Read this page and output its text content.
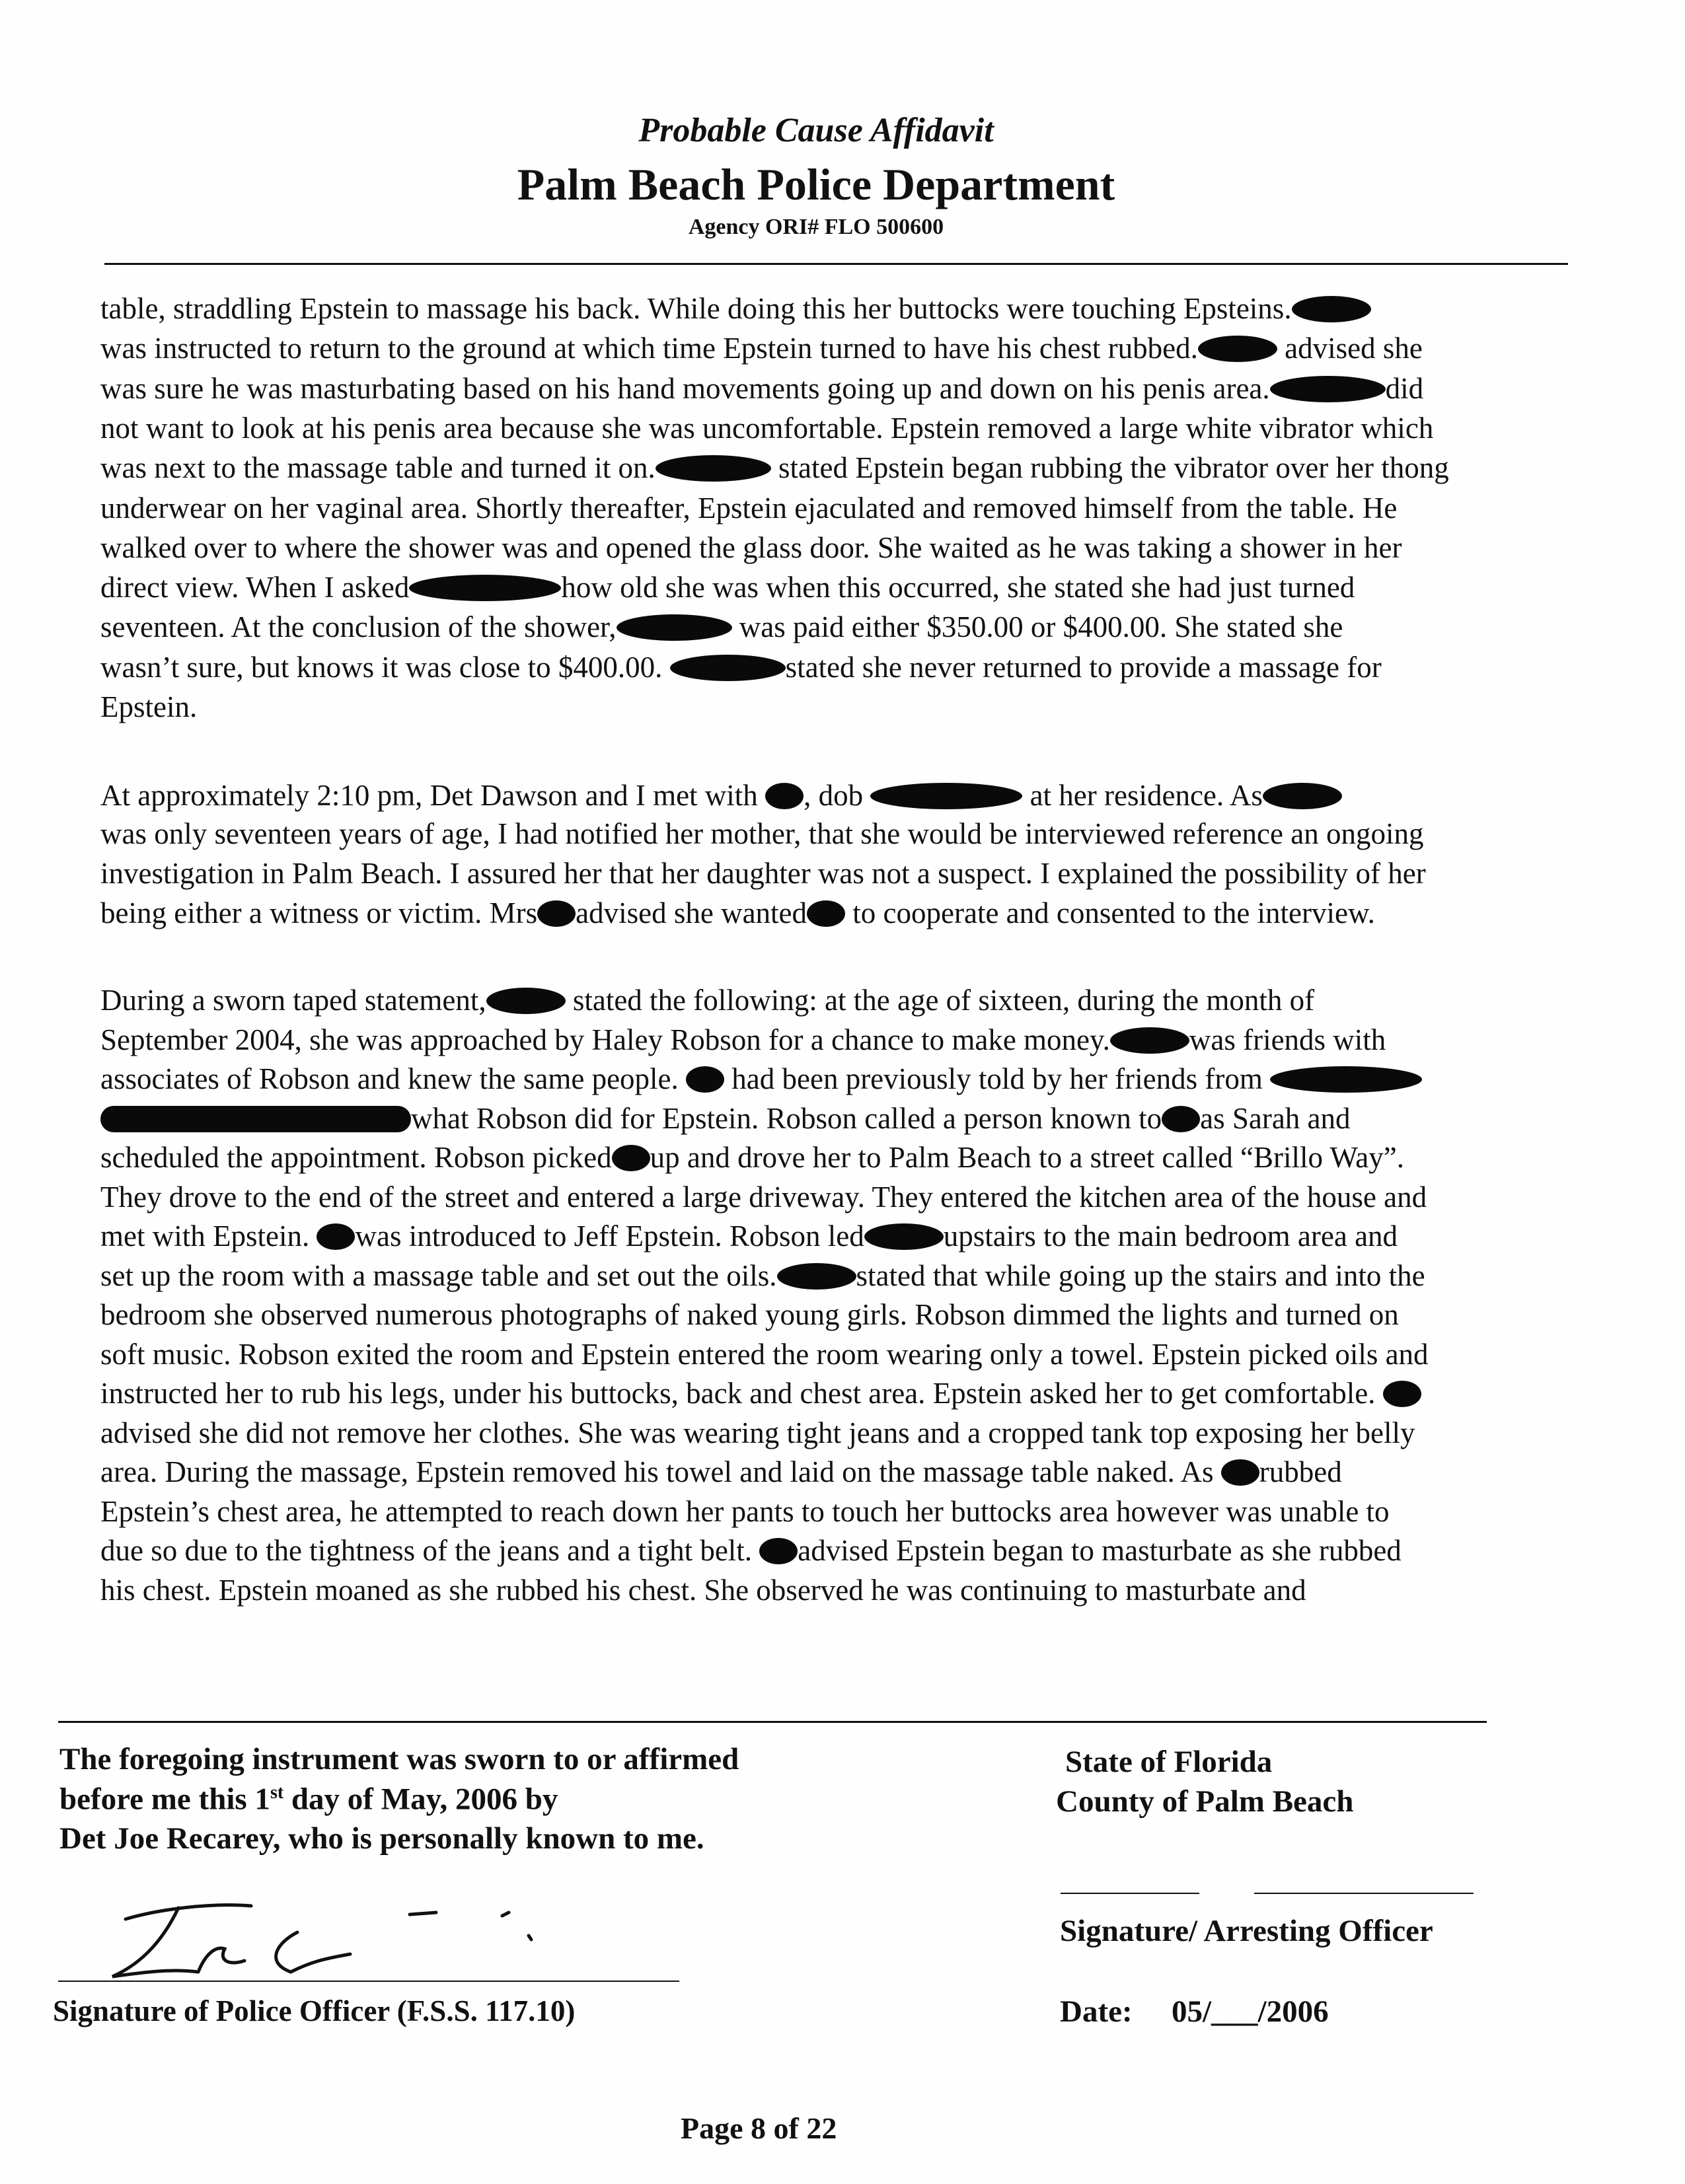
Probable Cause Affidavit
Palm Beach Police Department
Agency ORI# FLO 500600
table, straddling Epstein to massage his back. While doing this her buttocks were touching Epsteins.
was instructed to return to the ground at which time Epstein turned to have his chest rubbed.	advised she
was sure he was masturbating based on his hand movements going up and down on his penis area.	did
not want to look at his penis area because she was uncomfortable. Epstein removed a large white vibrator which
was next to the massage table and turned it on.	stated Epstein began rubbing the vibrator over her thong
underwear on her vaginal area. Shortly thereafter, Epstein ejaculated and removed himself from the table. He
walked over to where the shower was and opened the glass door. She waited as he was taking a shower in her
direct view. When I asked	how old she was when this occurred, she stated she had just turned
seventeen. At the conclusion of the shower,	was paid either $350.00 or $400.00. She stated she
wasn’t sure, but knows it was close to $400.00.	stated she never returned to provide a massage for
Epstein.
At approximately 2:10 pm, Det Dawson and I met with , dob	at her residence. As
was only seventeen years of age, I had notified her mother, that she would be interviewed reference an ongoing
investigation in Palm Beach. I assured her that her daughter was not a suspect. I explained the possibility of her
being either a witness or victim. Mrs advised she wanted to cooperate and consented to the interview.
During a sworn taped statement,	stated the following: at the age of sixteen, during the month of
September 2004, she was approached by Haley Robson for a chance to make money.	was friends with
associates of Robson and knew the same people.  had been previously told by her friends from
what Robson did for Epstein. Robson called a person known to as Sarah and
scheduled the appointment. Robson picked up and drove her to Palm Beach to a street called “Brillo Way”.
They drove to the end of the street and entered a large driveway. They entered the kitchen area of the house and
met with Epstein. was introduced to Jeff Epstein. Robson led	upstairs to the main bedroom area and
set up the room with a massage table and set out the oils.	stated that while going up the stairs and into the
bedroom she observed numerous photographs of naked young girls. Robson dimmed the lights and turned on
soft music. Robson exited the room and Epstein entered the room wearing only a towel. Epstein picked oils and
instructed her to rub his legs, under his buttocks, back and chest area. Epstein asked her to get comfortable.
advised she did not remove her clothes. She was wearing tight jeans and a cropped tank top exposing her belly
area. During the massage, Epstein removed his towel and laid on the massage table naked. As rubbed
Epstein’s chest area, he attempted to reach down her pants to touch her buttocks area however was unable to
due so due to the tightness of the jeans and a tight belt. advised Epstein began to masturbate as she rubbed
his chest. Epstein moaned as she rubbed his chest. She observed he was continuing to masturbate and
The foregoing instrument was sworn to or affirmed
before me this 1st day of May, 2006 by
Det Joe Recarey, who is personally known to me.
State of Florida
County of Palm Beach
Signature of Police Officer (F.S.S. 117.10)
Signature/ Arresting Officer
Date: 05/___/2006
Page 8 of 22
